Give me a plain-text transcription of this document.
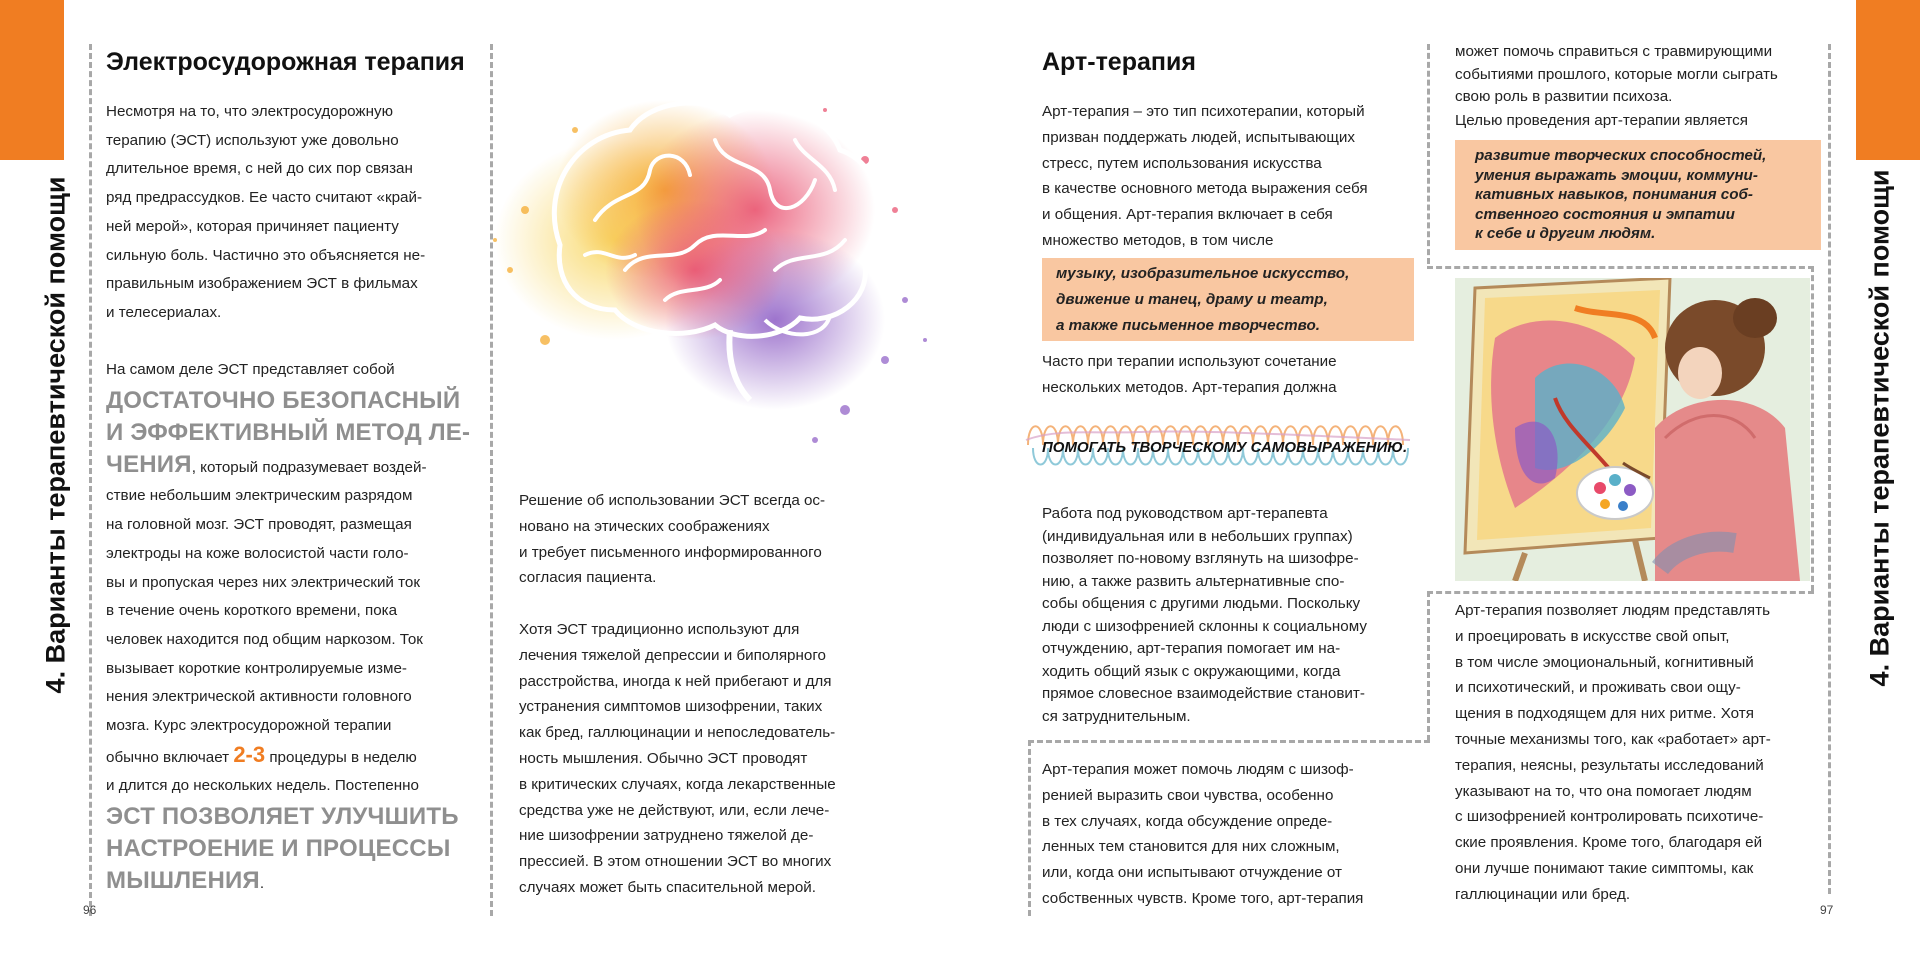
4. Варианты терапевтической помощи	4. Варианты терапевтической помощи
Электросудорожная терапия
Несмотря на то, что электросудорожную
терапию (ЭСТ) используют уже довольно
длительное время, с ней до сих пор связан
ряд предрассудков. Ее часто считают «край-
ней мерой», которая причиняет пациенту
сильную боль. Частично это объясняется не-
правильным изображением ЭСТ в фильмах
и телесериалах.
На самом деле ЭСТ представляет собой
ДОСТАТОЧНО БЕЗОПАСНЫЙ
И ЭФФЕКТИВНЫЙ МЕТОД ЛЕ-
ЧЕНИЯ, который подразумевает воздей-
ствие небольшим электрическим разрядом
на головной мозг. ЭСТ проводят, размещая
электроды на коже волосистой части голо-
вы и пропуская через них электрический ток
в течение очень короткого времени, пока
человек находится под общим наркозом. Ток
вызывает короткие контролируемые изме-
нения электрической активности головного
мозга. Курс электросудорожной терапии
обычно включает 2-3 процедуры в неделю
и длится до нескольких недель. Постепенно
ЭСТ ПОЗВОЛЯЕТ УЛУЧШИТЬ
НАСТРОЕНИЕ И ПРОЦЕССЫ
МЫШЛЕНИЯ.
Решение об использовании ЭСТ всегда ос-
новано на этических соображениях
и требует письменного информированного
согласия пациента.
Хотя ЭСТ традиционно используют для
лечения тяжелой депрессии и биполярного
расстройства, иногда к ней прибегают и для
устранения симптомов шизофрении, таких
как бред, галлюцинации и непоследователь-
ность мышления. Обычно ЭСТ проводят
в критических случаях, когда лекарственные
средства уже не действуют, или, если лече-
ние шизофрении затруднено тяжелой де-
прессией. В этом отношении ЭСТ во многих
случаях может быть спасительной мерой.
Арт-терапия
Арт-терапия – это тип психотерапии, который
призван поддержать людей, испытывающих
стресс, путем использования искусства
в качестве основного метода выражения себя
и общения. Арт-терапия включает в себя
множество методов, в том числе
музыку, изобразительное искусство,
движение и танец, драму и театр,
а также письменное творчество.
Часто при терапии используют сочетание
нескольких методов. Арт-терапия должна
ПОМОГАТЬ ТВОРЧЕСКОМУ САМОВЫРАЖЕНИЮ.
Работа под руководством арт-терапевта
(индивидуальная или в небольших группах)
позволяет по-новому взглянуть на шизофре-
нию, а также развить альтернативные спо-
собы общения с другими людьми. Поскольку
люди с шизофренией склонны к социальному
отчуждению, арт-терапия помогает им на-
ходить общий язык с окружающими, когда
прямое словесное взаимодействие становит-
ся затруднительным.
Арт-терапия может помочь людям с шизоф-
ренией выразить свои чувства, особенно
в тех случаях, когда обсуждение опреде-
ленных тем становится для них сложным,
или, когда они испытывают отчуждение от
собственных чувств. Кроме того, арт-терапия
может помочь справиться с травмирующими
событиями прошлого, которые могли сыграть
свою роль в развитии психоза.
Целью проведения арт-терапии является
развитие творческих способностей,
умения выражать эмоции, коммуни-
кативных навыков, понимания соб-
ственного состояния и эмпатии
к себе и другим людям.
Арт-терапия позволяет людям представлять
и проецировать в искусстве свой опыт,
в том числе эмоциональный, когнитивный
и психотический, и проживать свои ощу-
щения в подходящем для них ритме. Хотя
точные механизмы того, как «работает» арт-
терапия, неясны, результаты исследований
указывают на то, что она помогает людям
с шизофренией контролировать психотиче-
ские проявления. Кроме того, благодаря ей
они лучше понимают такие симптомы, как
галлюцинации или бред.
96	97
